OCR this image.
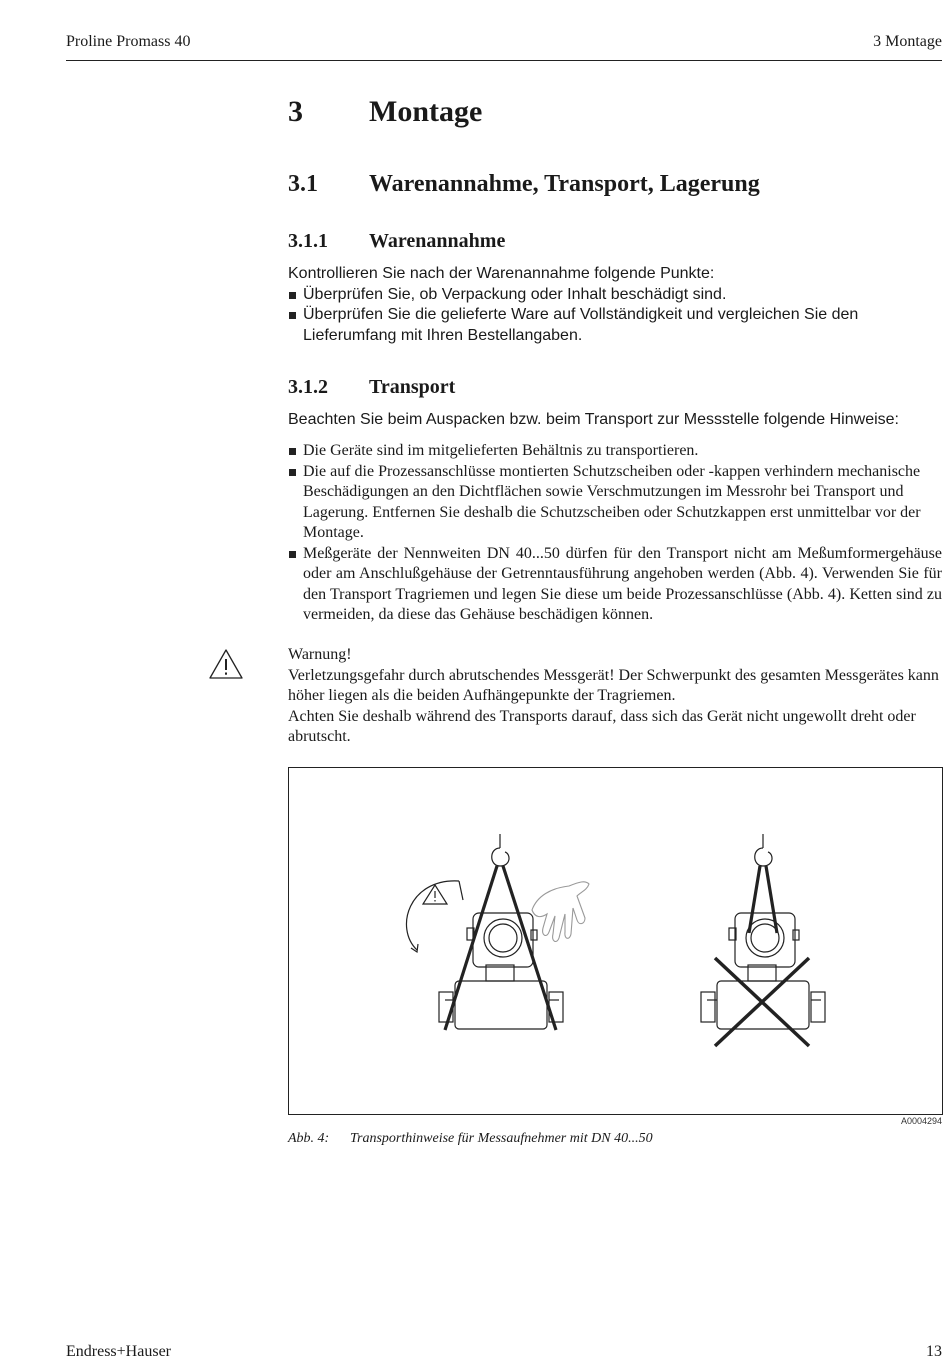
Proline Promass 40	3 Montage
3 Montage
3.1 Warenannahme, Transport, Lagerung
3.1.1 Warenannahme
Kontrollieren Sie nach der Warenannahme folgende Punkte:
Überprüfen Sie, ob Verpackung oder Inhalt beschädigt sind.
Überprüfen Sie die gelieferte Ware auf Vollständigkeit und vergleichen Sie den Lieferumfang mit Ihren Bestellangaben.
3.1.2 Transport
Beachten Sie beim Auspacken bzw. beim Transport zur Messstelle folgende Hinweise:
Die Geräte sind im mitgelieferten Behältnis zu transportieren.
Die auf die Prozessanschlüsse montierten Schutzscheiben oder -kappen verhindern mechanische Beschädigungen an den Dichtflächen sowie Verschmutzungen im Messrohr bei Transport und Lagerung. Entfernen Sie deshalb die Schutzscheiben oder Schutzkappen erst unmittelbar vor der Montage.
Meßgeräte der Nennweiten DN 40...50 dürfen für den Transport nicht am Meßumformergehäuse oder am Anschlußgehäuse der Getrenntausführung angehoben werden (Abb. 4). Verwenden Sie für den Transport Tragriemen und legen Sie diese um beide Prozessanschlüsse (Abb. 4). Ketten sind zu vermeiden, da diese das Gehäuse beschädigen können.
Warnung!
Verletzungsgefahr durch abrutschendes Messgerät! Der Schwerpunkt des gesamten Messgerätes kann höher liegen als die beiden Aufhängepunkte der Tragriemen.
Achten Sie deshalb während des Transports darauf, dass sich das Gerät nicht ungewollt dreht oder abrutscht.
A0004294
Abb. 4: Transporthinweise für Messaufnehmer mit DN 40...50
Endress+Hauser	13
